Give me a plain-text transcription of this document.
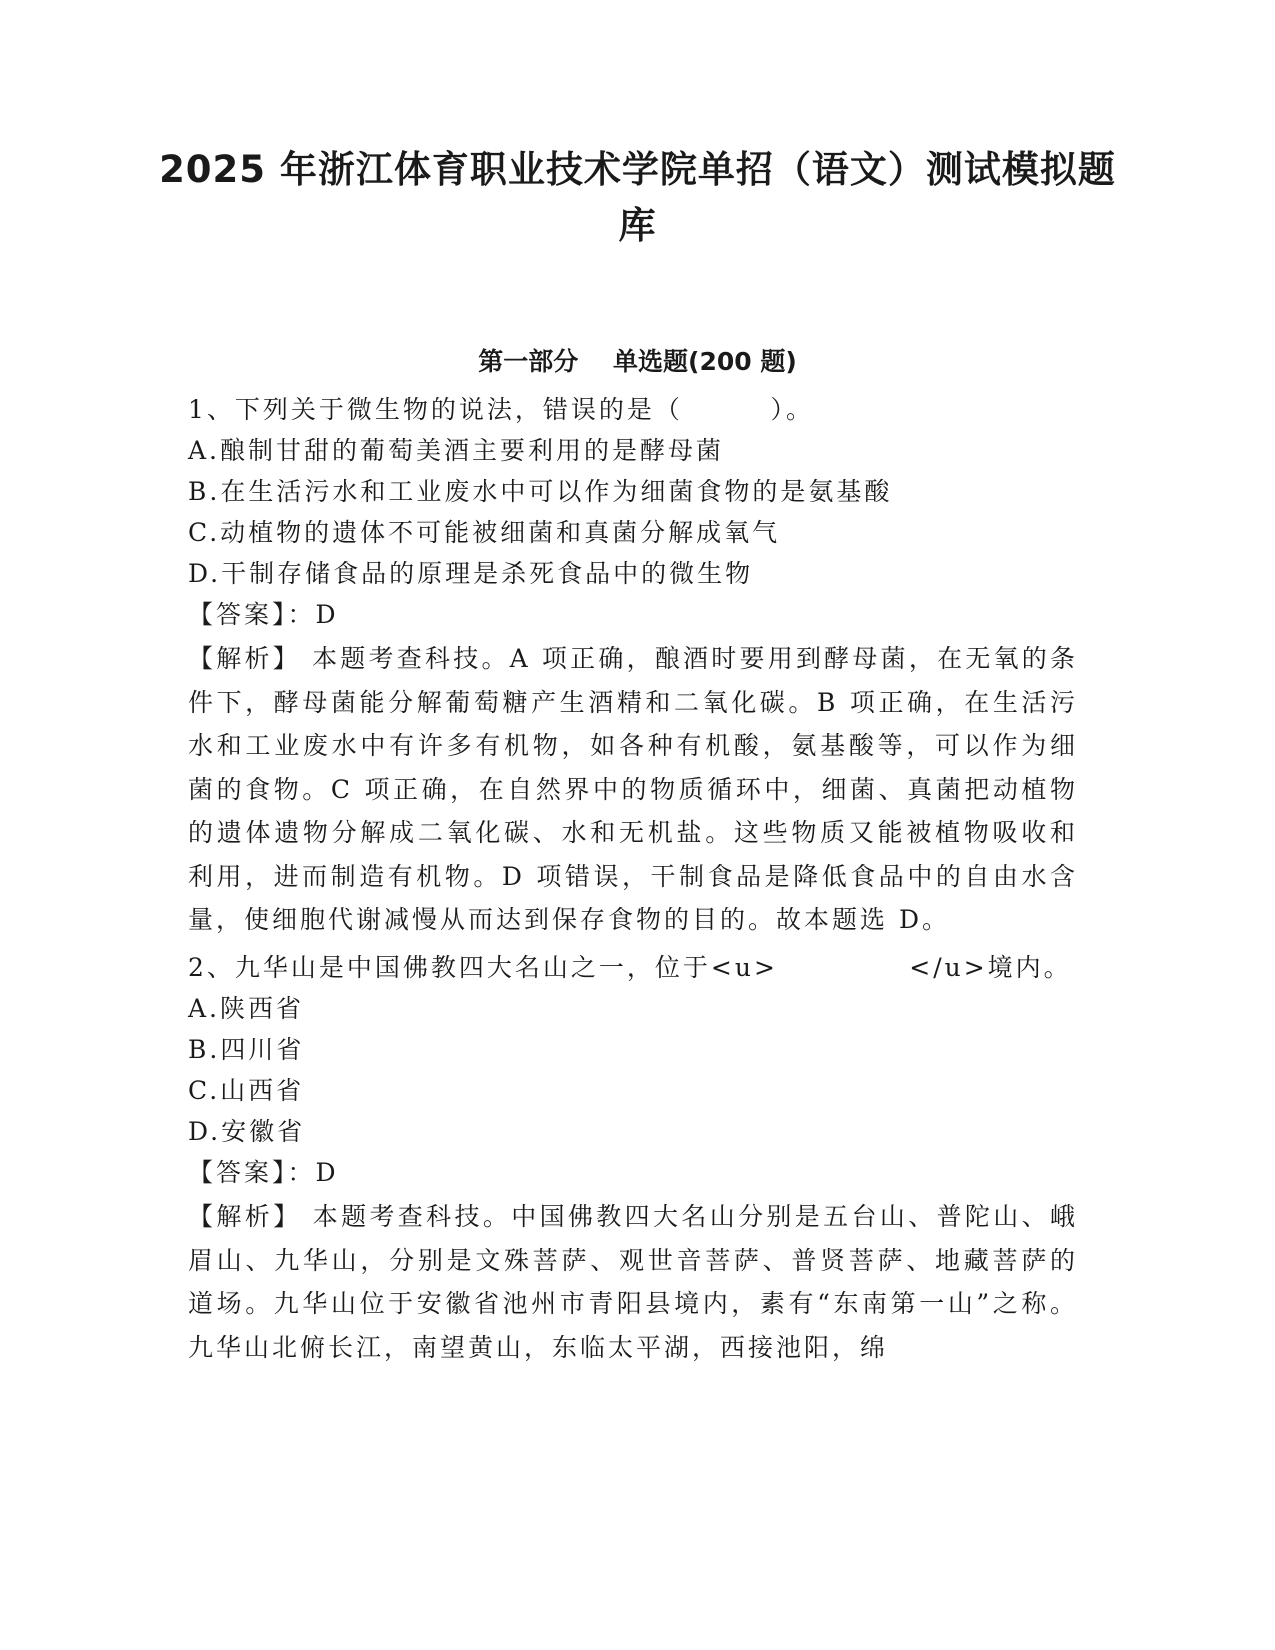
2025 年浙江体育职业技术学院单招（语文）测试模拟题库
第一部分    单选题(200 题)
1、下列关于微生物的说法，错误的是（        ）。
A.酿制甘甜的葡萄美酒主要利用的是酵母菌
B.在生活污水和工业废水中可以作为细菌食物的是氨基酸
C.动植物的遗体不可能被细菌和真菌分解成氧气
D.干制存储食品的原理是杀死食品中的微生物
【答案】：D
【解析】 本题考查科技。A 项正确，酿酒时要用到酵母菌，在无氧的条件下，酵母菌能分解葡萄糖产生酒精和二氧化碳。B 项正确，在生活污水和工业废水中有许多有机物，如各种有机酸，氨基酸等，可以作为细菌的食物。C 项正确，在自然界中的物质循环中，细菌、真菌把动植物的遗体遗物分解成二氧化碳、水和无机盐。这些物质又能被植物吸收和利用，进而制造有机物。D 项错误，干制食品是降低食品中的自由水含量，使细胞代谢减慢从而达到保存食物的目的。故本题选 D。
2、九华山是中国佛教四大名山之一，位于<u>            </u>境内。
A.陕西省
B.四川省
C.山西省
D.安徽省
【答案】：D
【解析】 本题考查科技。中国佛教四大名山分别是五台山、普陀山、峨眉山、九华山，分别是文殊菩萨、观世音菩萨、普贤菩萨、地藏菩萨的道场。九华山位于安徽省池州市青阳县境内，素有“东南第一山”之称。九华山北俯长江，南望黄山，东临太平湖，西接池阳，绵
